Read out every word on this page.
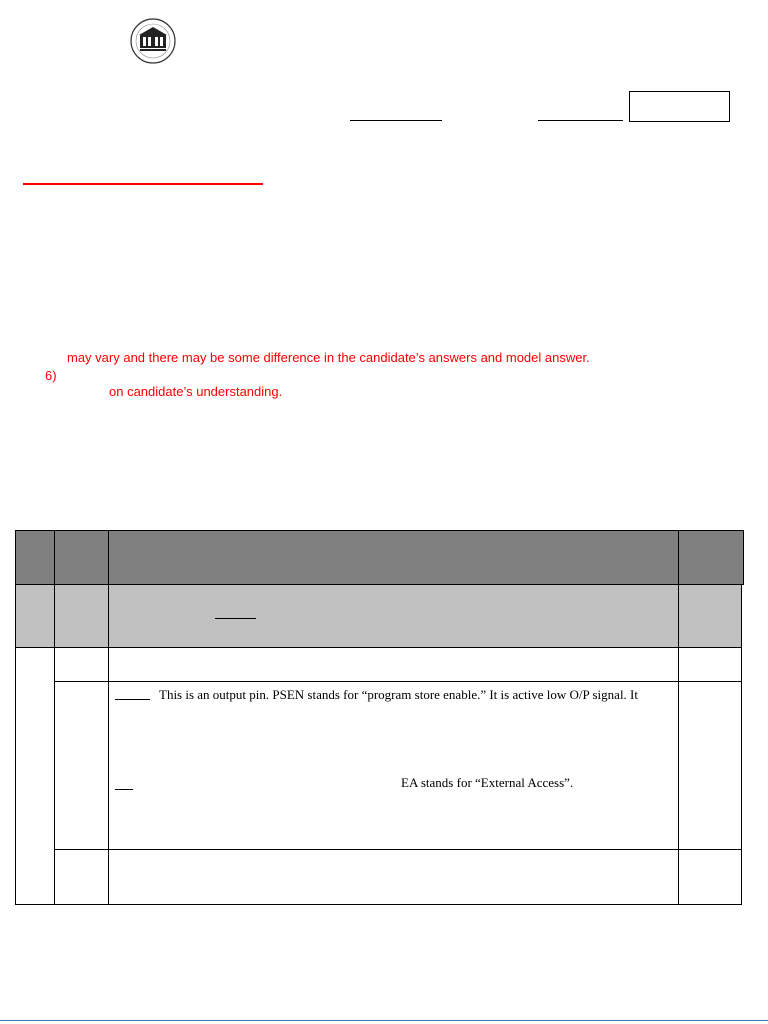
may vary and there may be some difference in the candidate’s answers and model answer.
6)
on candidate’s understanding.
This is an output pin. PSEN stands for “program store enable.” It is active low O/P signal. It
EA stands for “External Access”.
